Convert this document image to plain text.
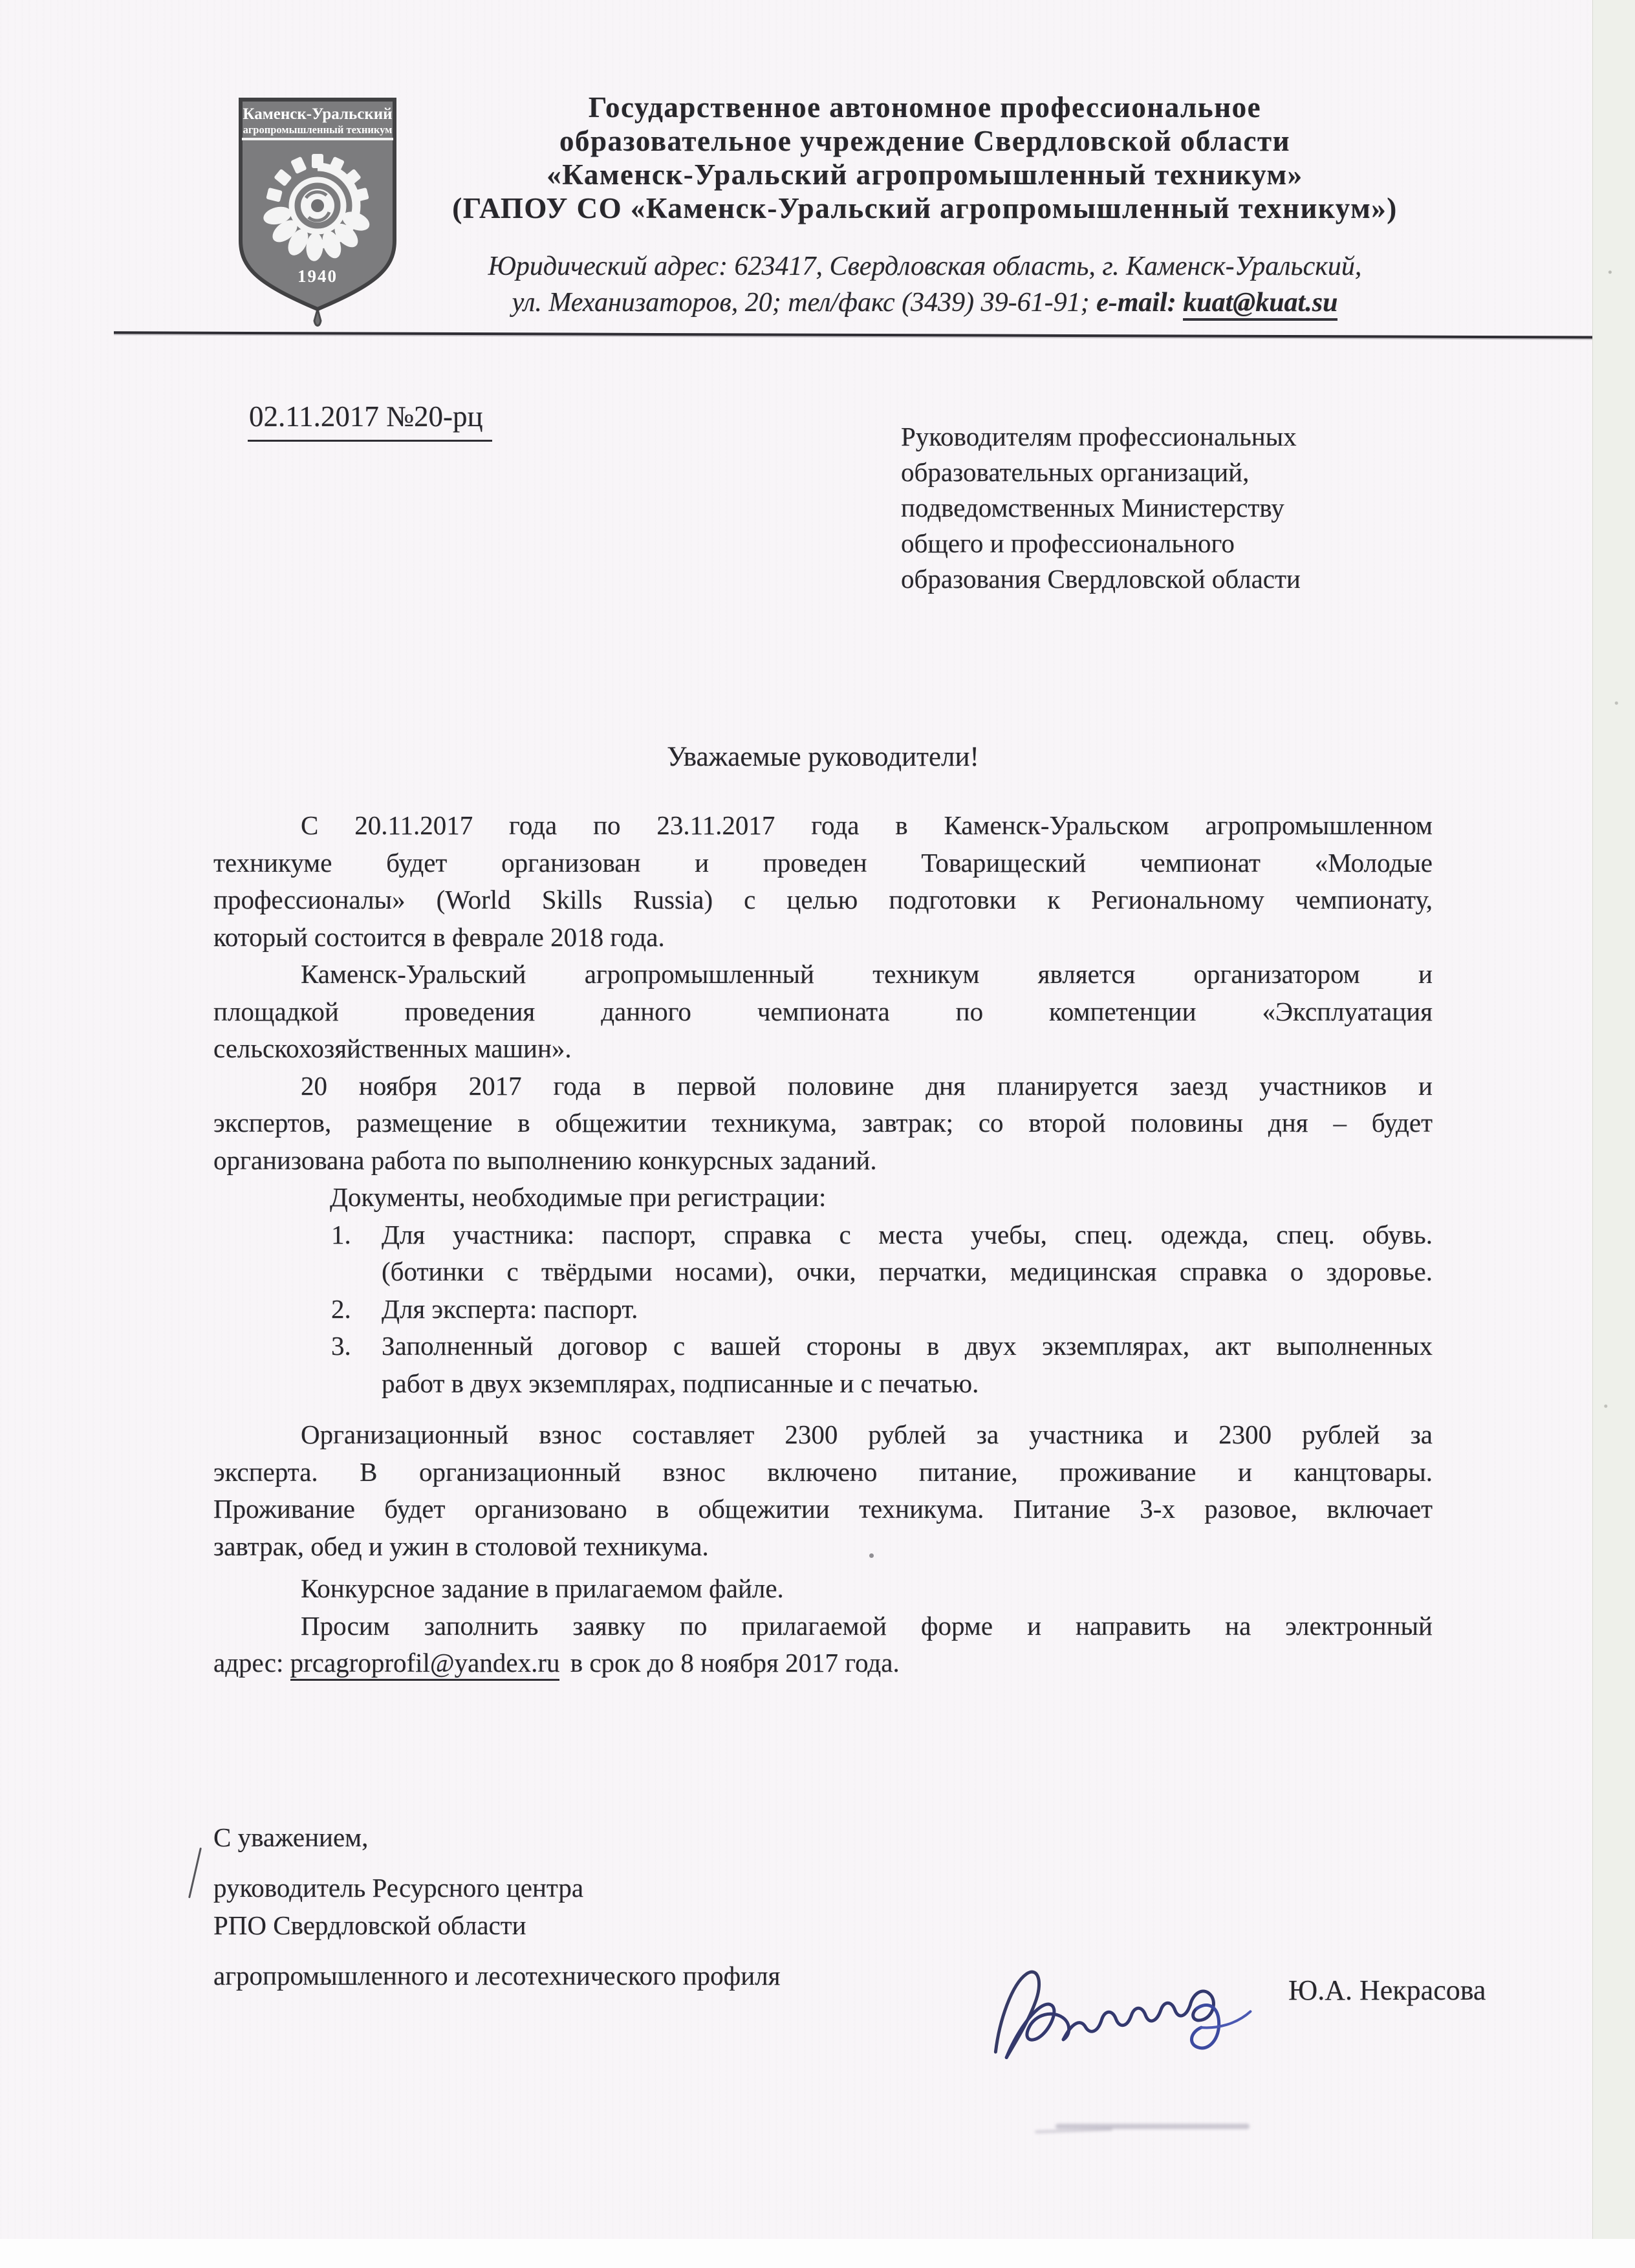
Каменск-Уральский
агропромышленный техникум
1940
Государственное автономное профессиональное
образовательное учреждение Свердловской области
«Каменск-Уральский агропромышленный техникум»
(ГАПОУ СО «Каменск-Уральский агропромышленный техникум»)
Юридический адрес: 623417, Свердловская область, г. Каменск-Уральский,
ул. Механизаторов, 20; тел/факс (3439) 39-61-91; e-mail: kuat@kuat.su
02.11.2017 №20-рц
Руководителям профессиональных
образовательных организаций,
подведомственных Министерству
общего и профессионального
образования Свердловской области
Уважаемые руководители!
С 20.11.2017 года по 23.11.2017 года в Каменск-Уральском агропромышленном
техникуме будет организован и проведен Товарищеский чемпионат «Молодые
профессионалы» (World Skills Russia) с целью подготовки к Региональному чемпионату,
который состоится в феврале 2018 года.
Каменск-Уральский агропромышленный техникум является организатором и
площадкой проведения данного чемпионата по компетенции «Эксплуатация
сельскохозяйственных машин».
20 ноября 2017 года в первой половине дня планируется заезд участников и
экспертов, размещение в общежитии техникума, завтрак; со второй половины дня – будет
организована работа по выполнению конкурсных заданий.
Документы, необходимые при регистрации:
1. Для участника: паспорт, справка с места учебы, спец. одежда, спец. обувь.
(ботинки с твёрдыми носами), очки, перчатки, медицинская справка о здоровье.
2. Для эксперта: паспорт.
3. Заполненный договор с вашей стороны в двух экземплярах, акт выполненных
работ в двух экземплярах, подписанные и с печатью.
Организационный взнос составляет 2300 рублей за участника и 2300 рублей за
эксперта. В организационный взнос включено питание, проживание и канцтовары.
Проживание будет организовано в общежитии техникума. Питание 3-х разовое, включает
завтрак, обед и ужин в столовой техникума.
Конкурсное задание в прилагаемом файле.
Просим заполнить заявку по прилагаемой форме и направить на электронный
адрес: prcagroprofil@yandex.ru в срок до 8 ноября 2017 года.
С уважением,
руководитель Ресурсного центра
РПО Свердловской области
агропромышленного и лесотехнического профиля	Ю.А. Некрасова
